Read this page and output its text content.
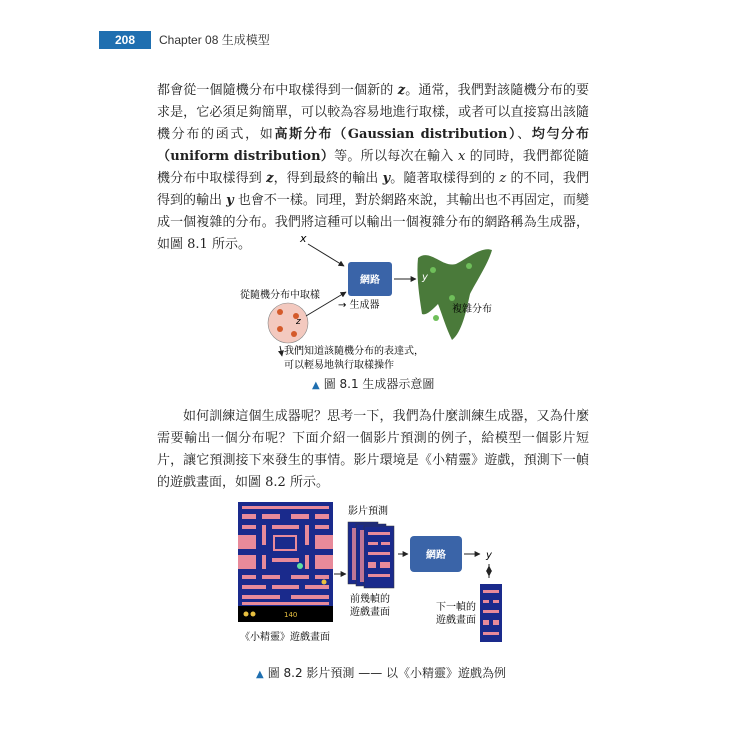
208	Chapter 08 生成模型
都會從一個隨機分布中取樣得到一個新的 z。通常，我們對該隨機分布的要求是，它必須足夠簡單，可以較為容易地進行取樣，或者可以直接寫出該隨機分布的函式，如高斯分布（Gaussian distribution）、均勻分布（uniform distribution）等。所以每次在輸入 x 的同時，我們都從隨機分布中取樣得到 z，得到最終的輸出 y。隨著取樣得到的 z 的不同，我們得到的輸出 y 也會不一樣。同理，對於網路來說，其輸出也不再固定，而變成一個複雜的分布。我們將這種可以輸出一個複雜分布的網路稱為生成器，如圖 8.1 所示。	x
網路
→ 生成器
y
複雜分布
從隨機分布中取樣
z
我們知道該隨機分布的表達式，
可以輕易地執行取樣操作
▲ 圖 8.1 生成器示意圖
如何訓練這個生成器呢？思考一下，我們為什麼訓練生成器，又為什麼需要輸出一個分布呢？下面介紹一個影片預測的例子，給模型一個影片短片，讓它預測接下來發生的事情。影片環境是《小精靈》遊戲，預測下一幀的遊戲畫面，如圖 8.2 所示。
140
影片預測
前幾幀的
遊戲畫面
網路	y
下一幀的
遊戲畫面
《小精靈》遊戲畫面
▲ 圖 8.2 影片預測 —— 以《小精靈》遊戲為例
